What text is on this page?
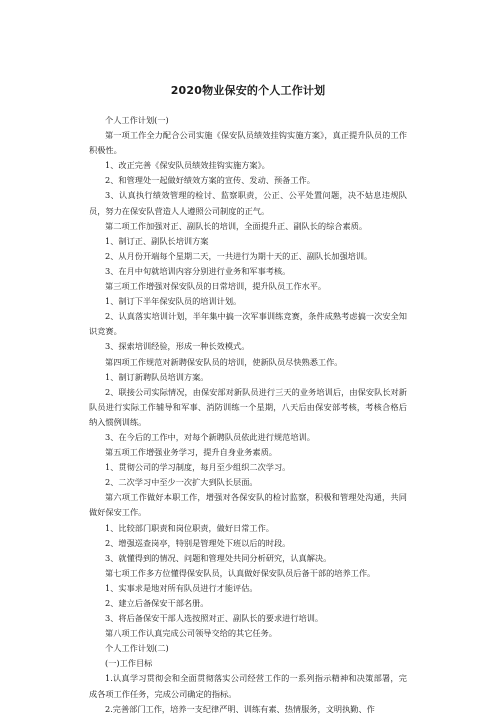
2020物业保安的个人工作计划

个人工作计划(一)

第一项工作全力配合公司实施《保安队员绩效挂钩实施方案》，真正提升队员的工作积极性。

1、改正完善《保安队员绩效挂钩实施方案》。

2、和管理处一起做好绩效方案的宣传、发动、预备工作。

3、认真执行绩效管理的检讨、监察职责，公正、公平处置问题，决不姑息违规队员，努力在保安队营造人人遵照公司制度的正气。

第二项工作加强对正、副队长的培训，全面提升正、副队长的综合素质。

1、制订正、副队长培训方案

2、从月份开端每个星期二天，一共进行为期十天的正、副队长加强培训。

3、在月中旬就培训内容分别进行业务和军事考核。

第三项工作增强对保安队员的日常培训，提升队员工作水平。

1、制订下半年保安队员的培训计划。

2、认真落实培训计划，半年集中搞一次军事训练竞赛，条件成熟考虑搞一次安全知识竞赛。

3、探索培训经验，形成一种长效模式。

第四项工作规范对新聘保安队员的培训，使新队员尽快熟悉工作。

1、制订新聘队员培训方案。

2、联接公司实际情况，由保安部对新队员进行三天的业务培训后，由保安队长对新队员进行实际工作辅导和军事、消防训练一个星期，八天后由保安部考核，考核合格后纳入惯例训练。

3、在今后的工作中，对每个新聘队员依此进行规范培训。

第五项工作增强业务学习，提升自身业务素质。

1、贯彻公司的学习制度，每月至少组织二次学习。

2、二次学习中至少一次扩大到队长层面。

第六项工作做好本职工作，增强对各保安队的检讨监察，积极和管理处沟通，共同做好保安工作。

1、比较部门职责和岗位职责，做好日常工作。

2、增强巡查岗亭，特别是管理处下班以后的时段。

3、就懂得到的情况、问题和管理处共同分析研究，认真解决。

第七项工作多方位懂得保安队员，认真做好保安队员后备干部的培养工作。

1、实事求是地对所有队员进行才能评估。

2、建立后备保安干部名册。

3、将后备保安干部人选按照对正、副队长的要求进行培训。

第八项工作认真完成公司领导交给的其它任务。

个人工作计划(二)

(一)工作目标

1.认真学习贯彻会和全面贯彻落实公司经营工作的一系列指示精神和决策部署，完成各项工作任务，完成公司确定的指标。

2.完善部门工作，培养一支纪律严明、训练有素、热情服务，文明执勤、作
